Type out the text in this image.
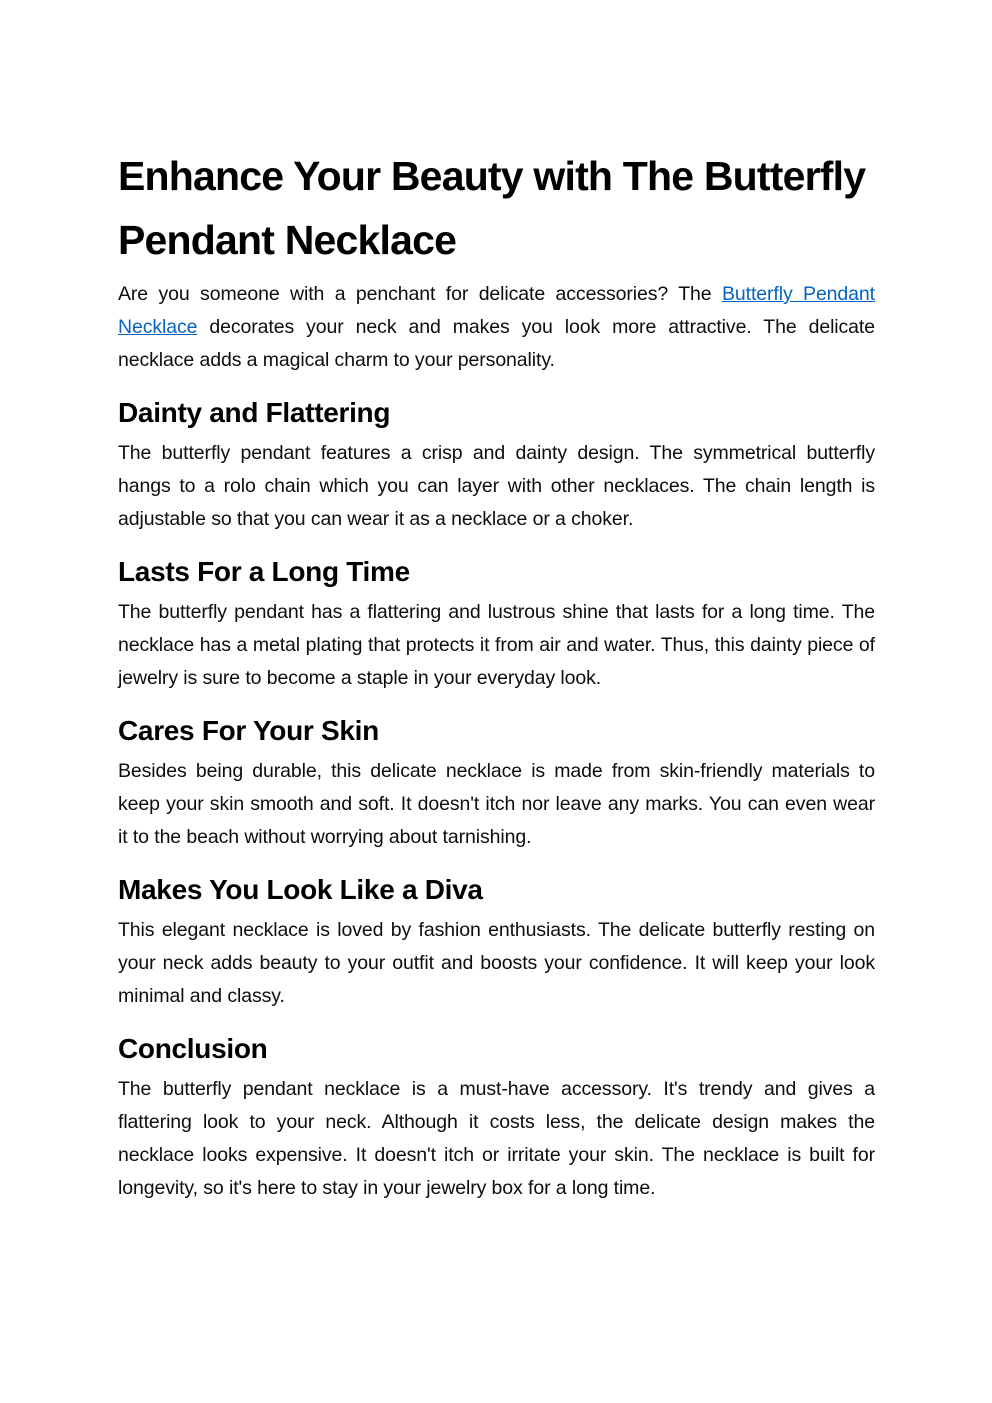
Enhance Your Beauty with The Butterfly
Pendant Necklace

Are you someone with a penchant for delicate accessories? The Butterfly Pendant Necklace decorates your neck and makes you look more attractive. The delicate necklace adds a magical charm to your personality.

Dainty and Flattering

The butterfly pendant features a crisp and dainty design. The symmetrical butterfly hangs to a rolo chain which you can layer with other necklaces. The chain length is adjustable so that you can wear it as a necklace or a choker.

Lasts For a Long Time

The butterfly pendant has a flattering and lustrous shine that lasts for a long time. The necklace has a metal plating that protects it from air and water. Thus, this dainty piece of jewelry is sure to become a staple in your everyday look.

Cares For Your Skin

Besides being durable, this delicate necklace is made from skin-friendly materials to keep your skin smooth and soft. It doesn't itch nor leave any marks. You can even wear it to the beach without worrying about tarnishing.

Makes You Look Like a Diva

This elegant necklace is loved by fashion enthusiasts. The delicate butterfly resting on your neck adds beauty to your outfit and boosts your confidence. It will keep your look minimal and classy.

Conclusion

The butterfly pendant necklace is a must-have accessory. It's trendy and gives a flattering look to your neck. Although it costs less, the delicate design makes the necklace looks expensive. It doesn't itch or irritate your skin. The necklace is built for longevity, so it's here to stay in your jewelry box for a long time.
